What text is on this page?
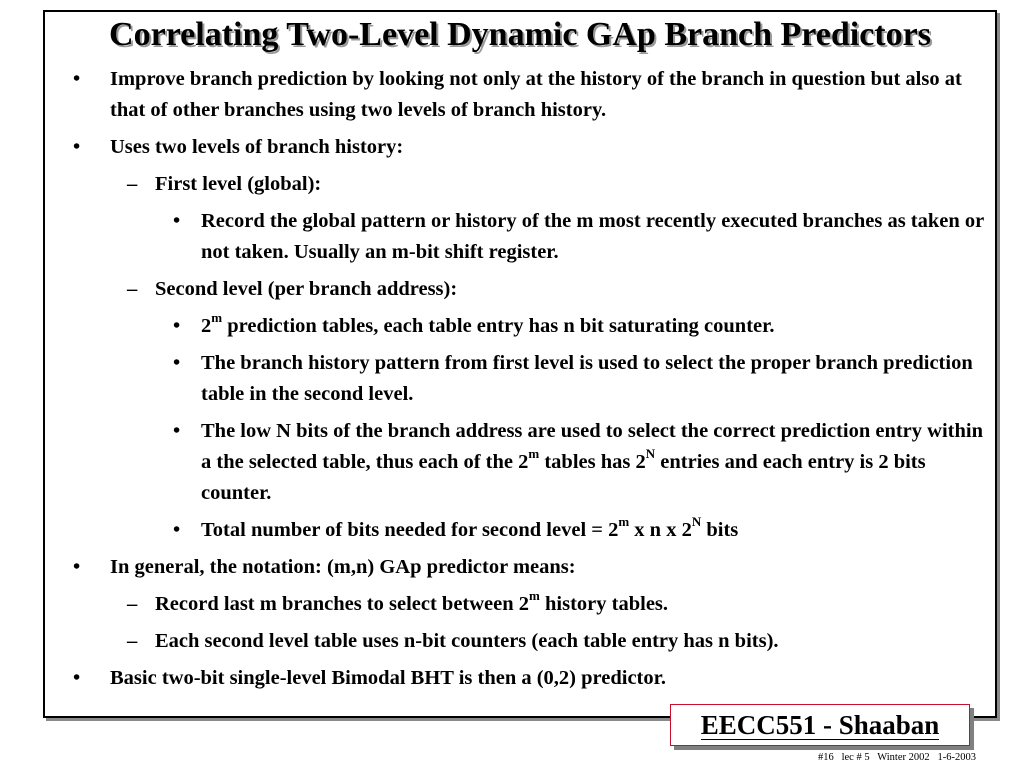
Correlating Two-Level Dynamic GAp Branch Predictors
• Improve branch prediction by looking not only at the history of the branch in question but also at that of other branches using two levels of branch history.
• Uses two levels of branch history:
– First level (global):
• Record the global pattern or history of the m most recently executed branches as taken or not taken. Usually an m-bit shift register.
– Second level (per branch address):
• 2$^m$ prediction tables, each table entry has n bit saturating counter.
• The branch history pattern from first level is used to select the proper branch prediction table in the second level.
• The low N bits of the branch address are used to select the correct prediction entry within a the selected table, thus each of the 2$^m$ tables has $2^N$ entries and each entry is 2 bits counter.
• Total number of bits needed for second level = $2^m$ x n x $2^N$ bits
• In general, the notation: (m,n) GAp predictor means:
– Record last m branches to select between 2$^m$ history tables.
– Each second level table uses n-bit counters (each table entry has n bits).
• Basic two-bit single-level Bimodal BHT is then a (0,2) predictor.
EECC551 - Shaaban
#16   lec # 5   Winter 2002   1-6-2003
